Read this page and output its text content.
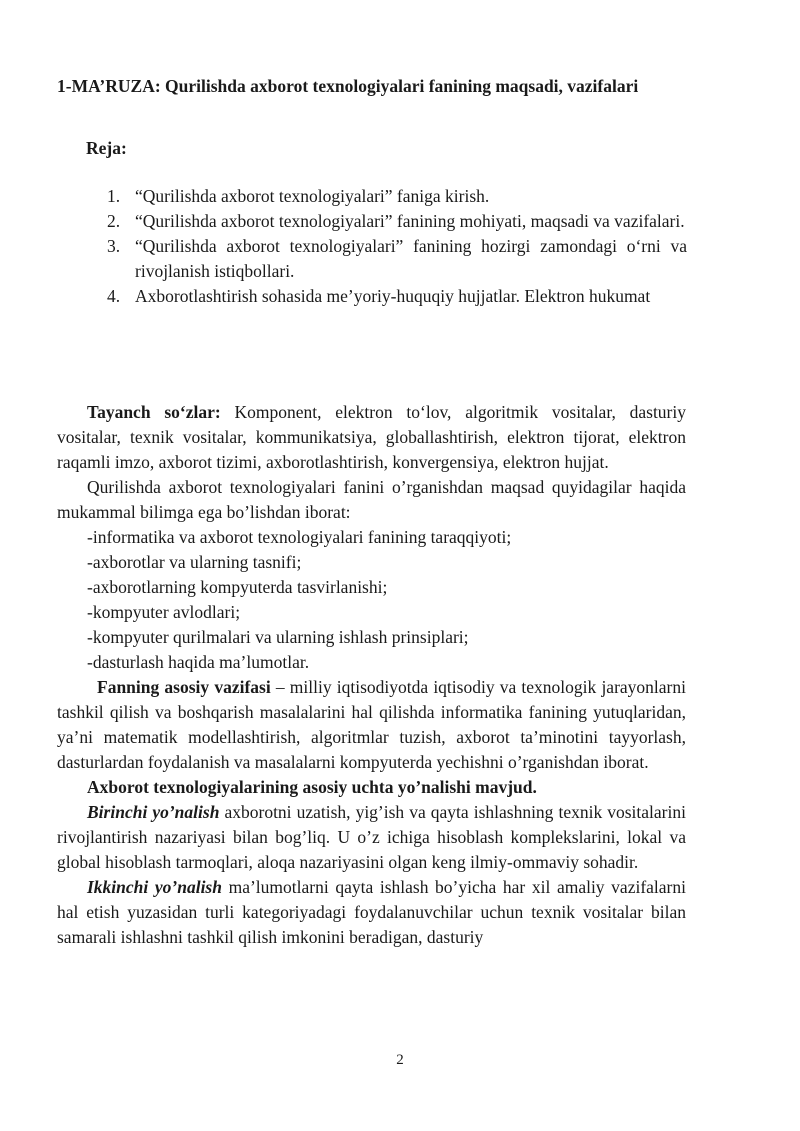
1-MA’RUZA: Qurilishda axborot texnologiyalari fanining maqsadi, vazifalari
Reja:
1. “Qurilishda axborot texnologiyalari” faniga kirish.
2. “Qurilishda axborot texnologiyalari” fanining mohiyati, maqsadi va vazifalari.
3. “Qurilishda axborot texnologiyalari” fanining hozirgi zamondagi o‘rni va rivojlanish istiqbollari.
4. Axborotlashtirish sohasida me’yoriy-huquqiy hujjatlar. Elektron hukumat

Tayanch so‘zlar: Komponent, elektron to‘lov, algoritmik vositalar, dasturiy vositalar, texnik vositalar, kommunikatsiya, globallashtirish, elektron tijorat, elektron raqamli imzo, axborot tizimi, axborotlashtirish, konvergensiya, elektron hujjat.

Qurilishda axborot texnologiyalari fanini o’rganishdan maqsad quyidagilar haqida mukammal bilimga ega bo’lishdan iborat:

-informatika va axborot texnologiyalari fanining taraqqiyoti;

-axborotlar va ularning tasnifi;

-axborotlarning kompyuterda tasvirlanishi;

-kompyuter avlodlari;

-kompyuter qurilmalari va ularning ishlash prinsiplari;

-dasturlash haqida ma’lumotlar.

Fanning asosiy vazifasi – milliy iqtisodiyotda iqtisodiy va texnologik jarayonlarni tashkil qilish va boshqarish masalalarini hal qilishda informatika fanining yutuqlaridan, ya’ni matematik modellashtirish, algoritmlar tuzish, axborot ta’minotini tayyorlash, dasturlardan foydalanish va masalalarni kompyuterda yechishni o’rganishdan iborat.

Axborot texnologiyalarining asosiy uchta yo’nalishi mavjud.

Birinchi yo’nalish axborotni uzatish, yig’ish va qayta ishlashning texnik vositalarini rivojlantirish nazariyasi bilan bog’liq. U o’z ichiga hisoblash komplekslarini, lokal va global hisoblash tarmoqlari, aloqa nazariyasini olgan keng ilmiy-ommaviy sohadir.

Ikkinchi yo’nalish ma’lumotlarni qayta ishlash bo’yicha har xil amaliy vazifalarni hal etish yuzasidan turli kategoriyadagi foydalanuvchilar uchun texnik vositalar bilan samarali ishlashni tashkil qilish imkonini beradigan, dasturiy

2
